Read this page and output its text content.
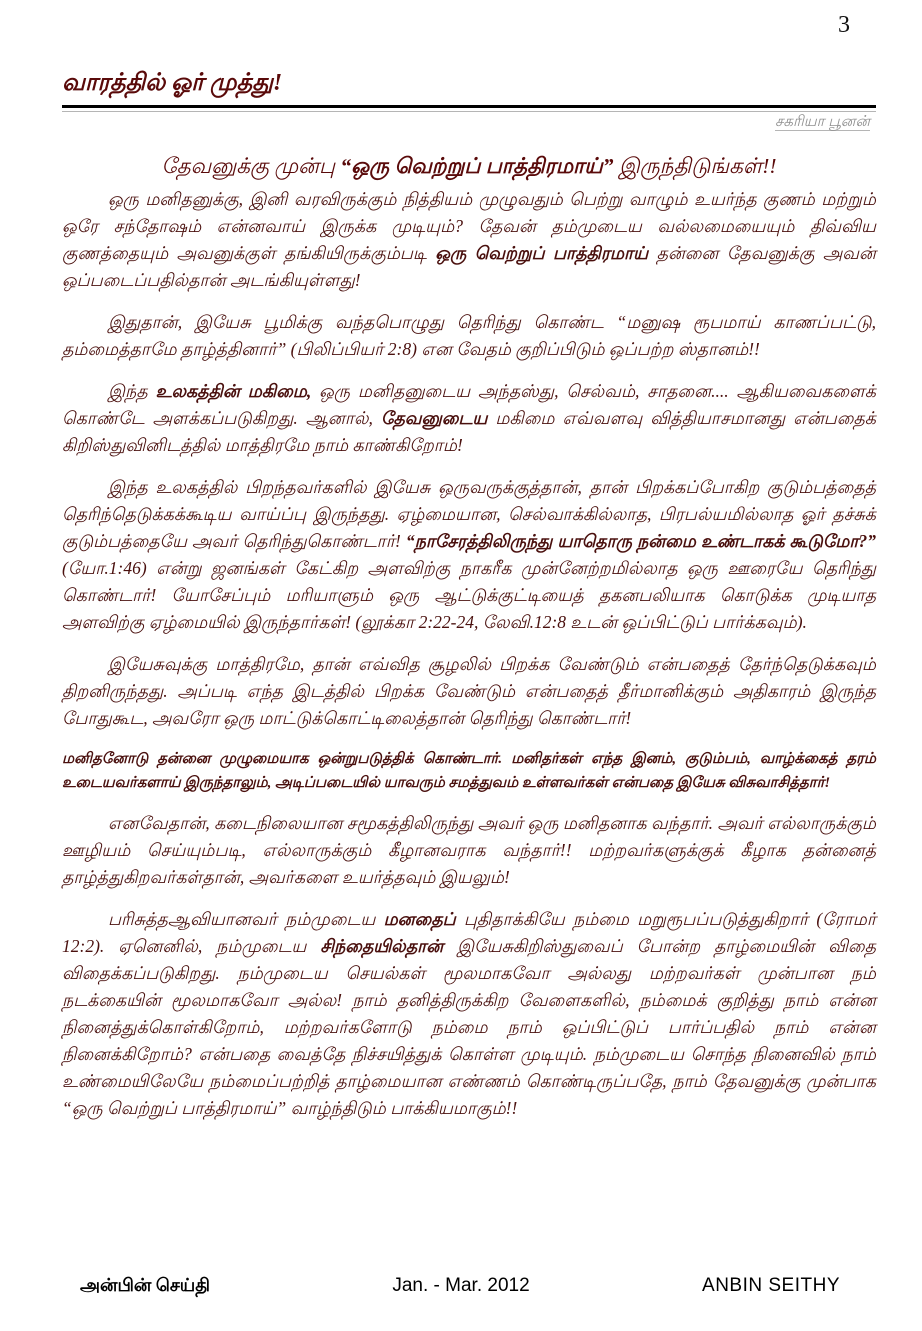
3
வாரத்தில் ஓர் முத்து!
சகரியா பூனன்
தேவனுக்கு முன்பு “ஒரு வெற்றுப் பாத்திரமாய்” இருந்திடுங்கள்!!

ஒரு மனிதனுக்கு, இனி வரவிருக்கும் நித்தியம் முழுவதும் பெற்று வாழும் உயர்ந்த குணம் மற்றும் ஒரே சந்தோஷம் என்னவாய் இருக்க முடியும்? தேவன் தம்முடைய வல்லமையையும் திவ்விய குணத்தையும் அவனுக்குள் தங்கியிருக்கும்படி ஒரு வெற்றுப் பாத்திரமாய் தன்னை தேவனுக்கு அவன் ஒப்படைப்பதில்தான் அடங்கியுள்ளது!

இதுதான், இயேசு பூமிக்கு வந்தபொழுது தெரிந்து கொண்ட “மனுஷ ரூபமாய் காணப்பட்டு, தம்மைத்தாமே தாழ்த்தினார்” (பிலிப்பியர் 2:8) என வேதம் குறிப்பிடும் ஒப்பற்ற ஸ்தானம்!!

இந்த உலகத்தின் மகிமை, ஒரு மனிதனுடைய அந்தஸ்து, செல்வம், சாதனை.... ஆகியவைகளைக் கொண்டே அளக்கப்படுகிறது. ஆனால், தேவனுடைய மகிமை எவ்வளவு வித்தியாசமானது என்பதைக் கிறிஸ்துவினிடத்தில் மாத்திரமே நாம் காண்கிறோம்!

இந்த உலகத்தில் பிறந்தவர்களில் இயேசு ஒருவருக்குத்தான், தான் பிறக்கப்போகிற குடும்பத்தைத் தெரிந்தெடுக்கக்கூடிய வாய்ப்பு இருந்தது. ஏழ்மையான, செல்வாக்கில்லாத, பிரபல்யமில்லாத ஓர் தச்சுக் குடும்பத்தையே அவர் தெரிந்துகொண்டார்! “நாசேரத்திலிருந்து யாதொரு நன்மை உண்டாகக் கூடுமோ?” (யோ.1:46) என்று ஜனங்கள் கேட்கிற அளவிற்கு நாகரீக முன்னேற்றமில்லாத ஒரு ஊரையே தெரிந்து கொண்டார்! யோசேப்பும் மரியாளும் ஒரு ஆட்டுக்குட்டியைத் தகனபலியாக கொடுக்க முடியாத அளவிற்கு ஏழ்மையில் இருந்தார்கள்! (லூக்கா 2:22-24, லேவி.12:8 உடன் ஒப்பிட்டுப் பார்க்கவும்).

இயேசுவுக்கு மாத்திரமே, தான் எவ்வித சூழலில் பிறக்க வேண்டும் என்பதைத் தேர்ந்தெடுக்கவும் திறனிருந்தது. அப்படி எந்த இடத்தில் பிறக்க வேண்டும் என்பதைத் தீர்மானிக்கும் அதிகாரம் இருந்த போதுகூட, அவரோ ஒரு மாட்டுக்கொட்டிலைத்தான் தெரிந்து கொண்டார்!

மனிதனோடு தன்னை முழுமையாக ஒன்றுபடுத்திக் கொண்டார். மனிதர்கள் எந்த இனம், குடும்பம், வாழ்க்கைத் தரம் உடையவர்களாய் இருந்தாலும், அடிப்படையில் யாவரும் சமத்துவம் உள்ளவர்கள் என்பதை இயேசு விசுவாசித்தார்!

எனவேதான், கடைநிலையான சமூகத்திலிருந்து அவர் ஒரு மனிதனாக வந்தார். அவர் எல்லாருக்கும் ஊழியம் செய்யும்படி, எல்லாருக்கும் கீழானவராக வந்தார்!! மற்றவர்களுக்குக் கீழாக தன்னைத் தாழ்த்துகிறவர்கள்தான், அவர்களை உயர்த்தவும் இயலும்!

பரிசுத்தஆவியானவர் நம்முடைய மனதைப் புதிதாக்கியே நம்மை மறுரூபப்படுத்துகிறார் (ரோமர் 12:2). ஏனெனில், நம்முடைய சிந்தையில்தான் இயேசுகிறிஸ்துவைப் போன்ற தாழ்மையின் விதை விதைக்கப்படுகிறது. நம்முடைய செயல்கள் மூலமாகவோ அல்லது மற்றவர்கள் முன்பான நம் நடக்கையின் மூலமாகவோ அல்ல! நாம் தனித்திருக்கிற வேளைகளில், நம்மைக் குறித்து நாம் என்ன நினைத்துக்கொள்கிறோம், மற்றவர்களோடு நம்மை நாம் ஒப்பிட்டுப் பார்ப்பதில் நாம் என்ன நினைக்கிறோம்? என்பதை வைத்தே நிச்சயித்துக் கொள்ள முடியும். நம்முடைய சொந்த நினைவில் நாம் உண்மையிலேயே நம்மைப்பற்றித் தாழ்மையான எண்ணம் கொண்டிருப்பதே, நாம் தேவனுக்கு முன்பாக “ஒரு வெற்றுப் பாத்திரமாய்” வாழ்ந்திடும் பாக்கியமாகும்!!

அன்பின் செய்தி	Jan. - Mar. 2012	ANBIN SEITHY
